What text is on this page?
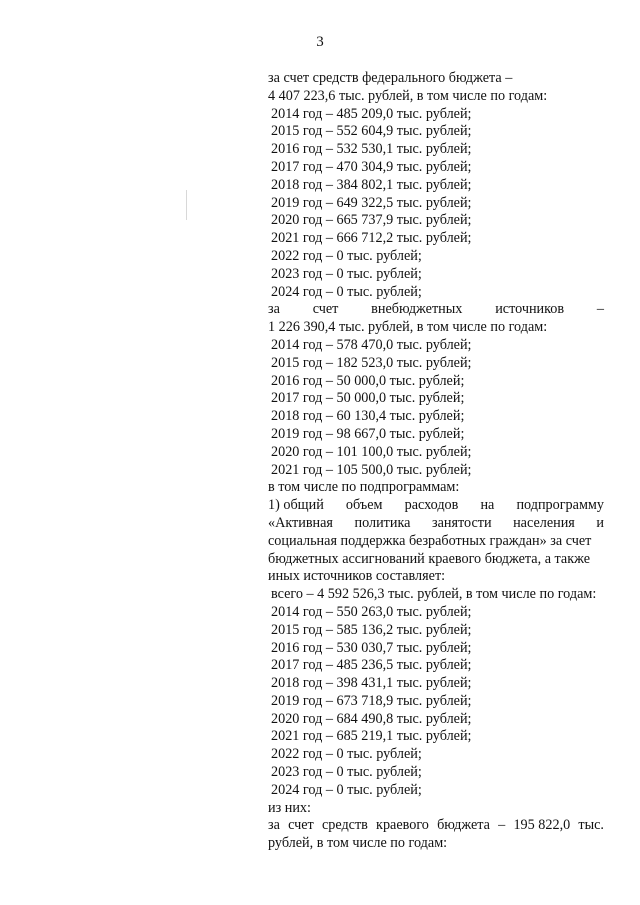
3
за счет средств федерального бюджета –
4 407 223,6 тыс. рублей, в том числе по годам:
2014 год – 485 209,0 тыс. рублей;
2015 год – 552 604,9 тыс. рублей;
2016 год – 532 530,1 тыс. рублей;
2017 год – 470 304,9 тыс. рублей;
2018 год – 384 802,1 тыс. рублей;
2019 год – 649 322,5 тыс. рублей;
2020 год – 665 737,9 тыс. рублей;
2021 год – 666 712,2 тыс. рублей;
2022 год – 0 тыс. рублей;
2023 год – 0 тыс. рублей;
2024 год – 0 тыс. рублей;
за счет внебюджетных источников –
1 226 390,4 тыс. рублей, в том числе по годам:
2014 год – 578 470,0 тыс. рублей;
2015 год – 182 523,0 тыс. рублей;
2016 год – 50 000,0 тыс. рублей;
2017 год – 50 000,0 тыс. рублей;
2018 год – 60 130,4 тыс. рублей;
2019 год – 98 667,0 тыс. рублей;
2020 год – 101 100,0 тыс. рублей;
2021 год – 105 500,0 тыс. рублей;
в том числе по подпрограммам:
1) общий объем расходов на подпрограмму
«Активная политика занятости населения и
социальная поддержка безработных граждан» за счет
бюджетных ассигнований краевого бюджета, а также
иных источников составляет:
всего – 4 592 526,3 тыс. рублей, в том числе по годам:
2014 год – 550 263,0 тыс. рублей;
2015 год – 585 136,2 тыс. рублей;
2016 год – 530 030,7 тыс. рублей;
2017 год – 485 236,5 тыс. рублей;
2018 год – 398 431,1 тыс. рублей;
2019 год – 673 718,9 тыс. рублей;
2020 год – 684 490,8 тыс. рублей;
2021 год – 685 219,1 тыс. рублей;
2022 год – 0 тыс. рублей;
2023 год – 0 тыс. рублей;
2024 год – 0 тыс. рублей;
из них:
за счет средств краевого бюджета – 195 822,0 тыс.
рублей, в том числе по годам:
